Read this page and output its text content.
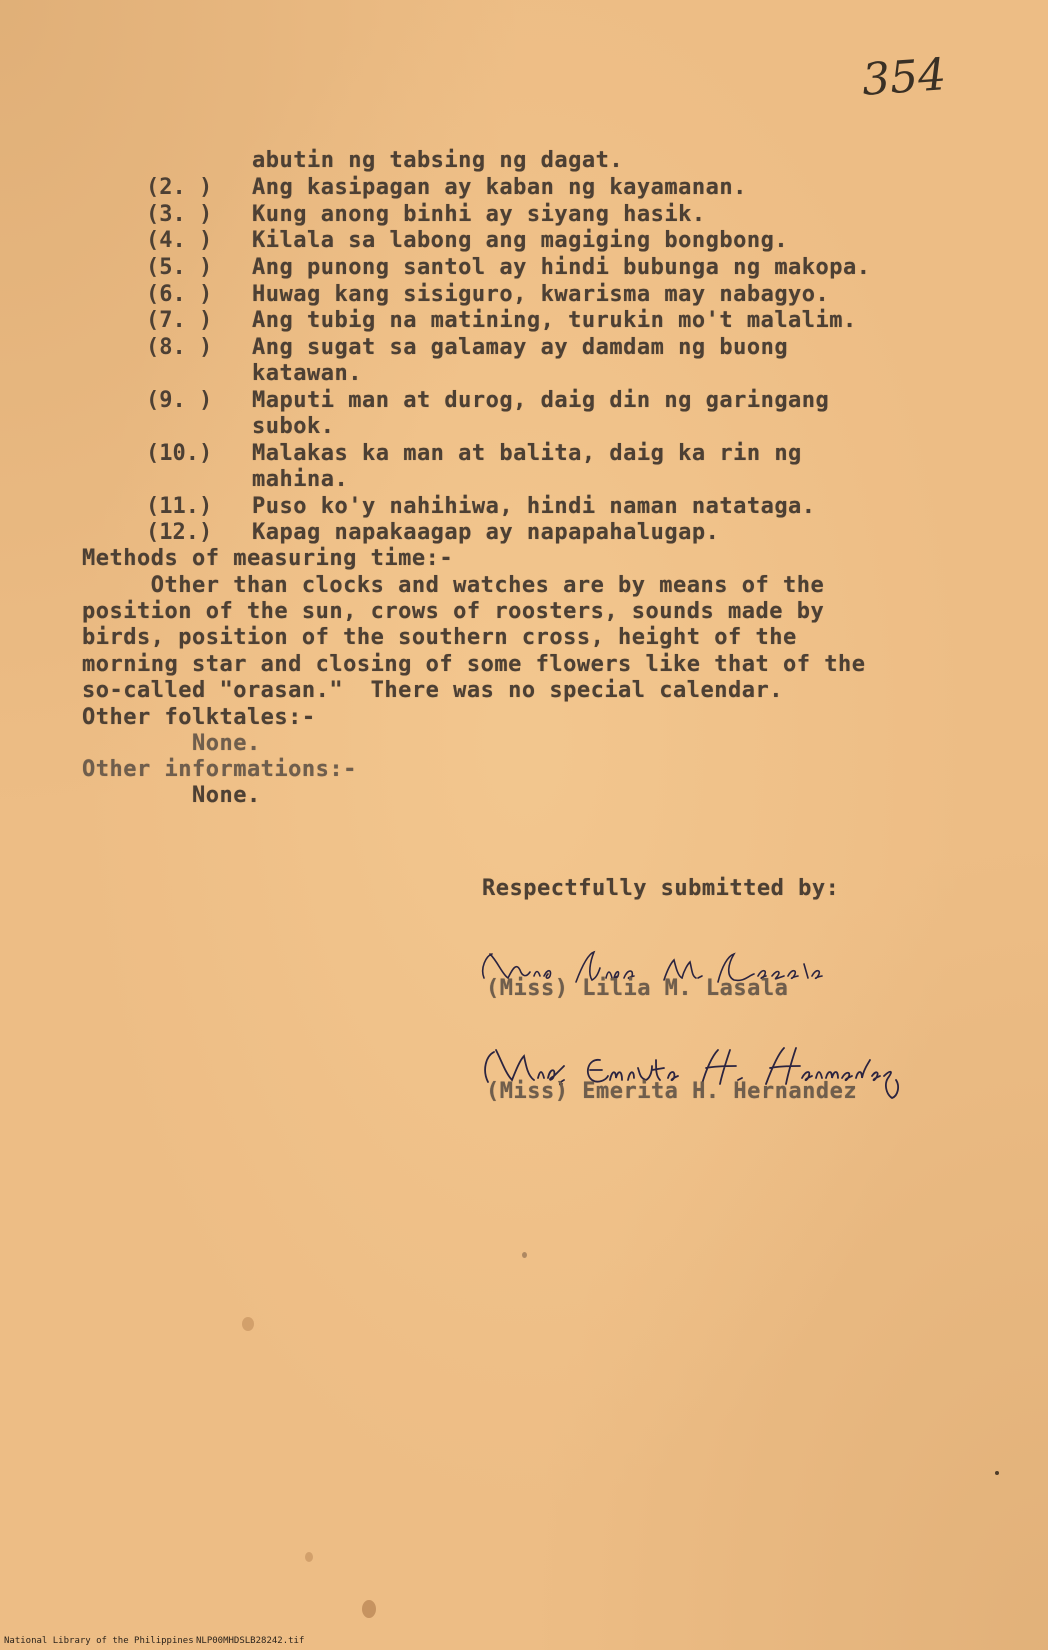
354
abutin ng tabsing ng dagat.
(2. ) Ang kasipagan ay kaban ng kayamanan.
(3. ) Kung anong binhi ay siyang hasik.
(4. ) Kilala sa labong ang magiging bongbong.
(5. ) Ang punong santol ay hindi bubunga ng makopa.
(6. ) Huwag kang sisiguro, kwarisma may nabagyo.
(7. ) Ang tubig na matining, turukin mo't malalim.
(8. ) Ang sugat sa galamay ay damdam ng buong
katawan.
(9. ) Maputi man at durog, daig din ng garingang
subok.
(10.) Malakas ka man at balita, daig ka rin ng
mahina.
(11.) Puso ko'y nahihiwa, hindi naman natataga.
(12.) Kapag napakaagap ay napapahalugap.
Methods of measuring time:-
Other than clocks and watches are by means of the
position of the sun, crows of roosters, sounds made by
birds, position of the southern cross, height of the
morning star and closing of some flowers like that of the
so-called "orasan."  There was no special calendar.
Other folktales:-
None.
Other informations:-
None.
Respectfully submitted by:
(Miss) Lilia M. Lasala
(Miss) Emerita H. Hernandez
National Library of the Philippines NLP00MHDSLB28242.tif
